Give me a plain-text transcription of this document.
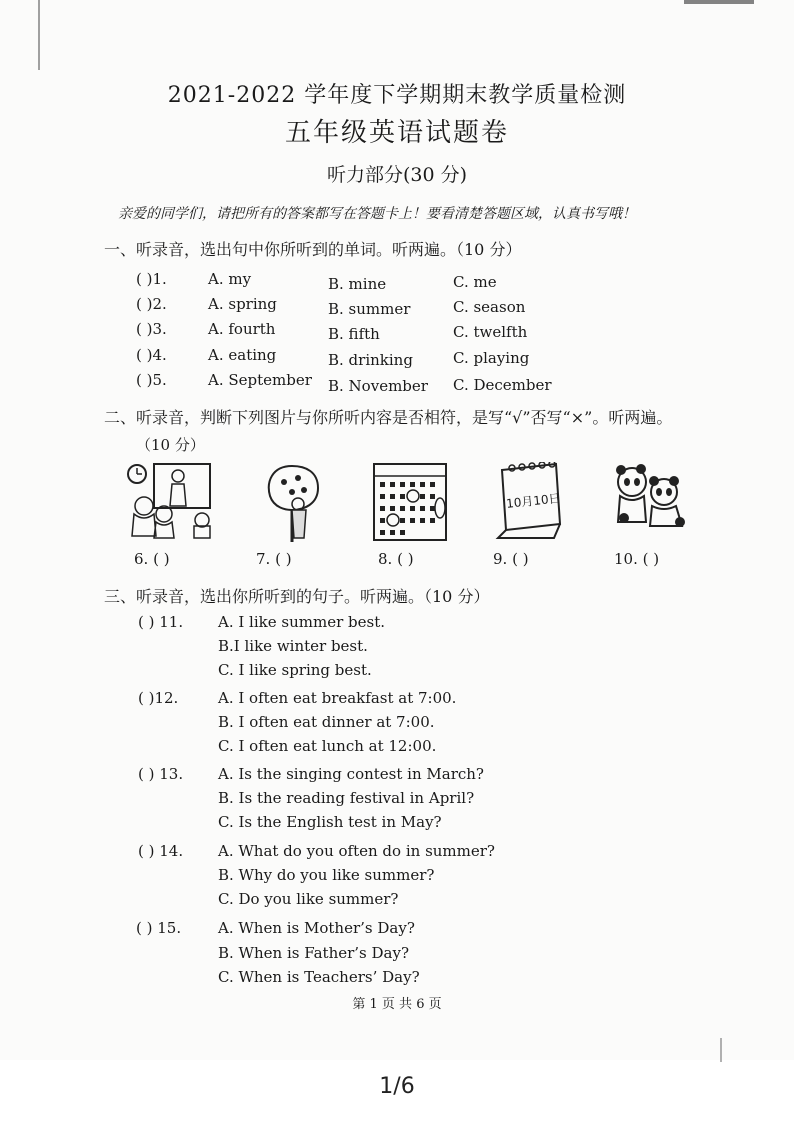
2021-2022 学年度下学期期末教学质量检测
五年级英语试题卷
听力部分(30 分)
亲爱的同学们，请把所有的答案都写在答题卡上！要看清楚答题区域，认真书写哦！
一、听录音，选出句中你所听到的单词。听两遍。（10 分）
( )1.	A. my	B. mine	C. me
( )2.	A. spring	B. summer	C. season
( )3.	A. fourth	B. fifth	C. twelfth
( )4.	A. eating	B. drinking	C. playing
( )5.	A. September B. November C. December
二、听录音，判断下列图片与你所听内容是否相符，是写“√”否写“×”。听两遍。
（10 分）
10月10日
6. ( )	7. ( )	8. ( )	9. ( )	10. ( )
三、听录音，选出你所听到的句子。听两遍。（10 分）
( ) 11. A. I like summer best.
B.I like winter best.
C. I like spring best.
( )12.	A. I often eat breakfast at 7:00.
B. I often eat dinner at 7:00.
C. I often eat lunch at 12:00.
( ) 13. A. Is the singing contest in March?
B. Is the reading festival in April?
C. Is the English test in May?
( ) 14. A. What do you often do in summer?
B. Why do you like summer?
C. Do you like summer?
( ) 15. A. When is Mother’s Day?
B. When is Father’s Day?
C. When is Teachers’ Day?
第 1 页 共 6 页
1/6
